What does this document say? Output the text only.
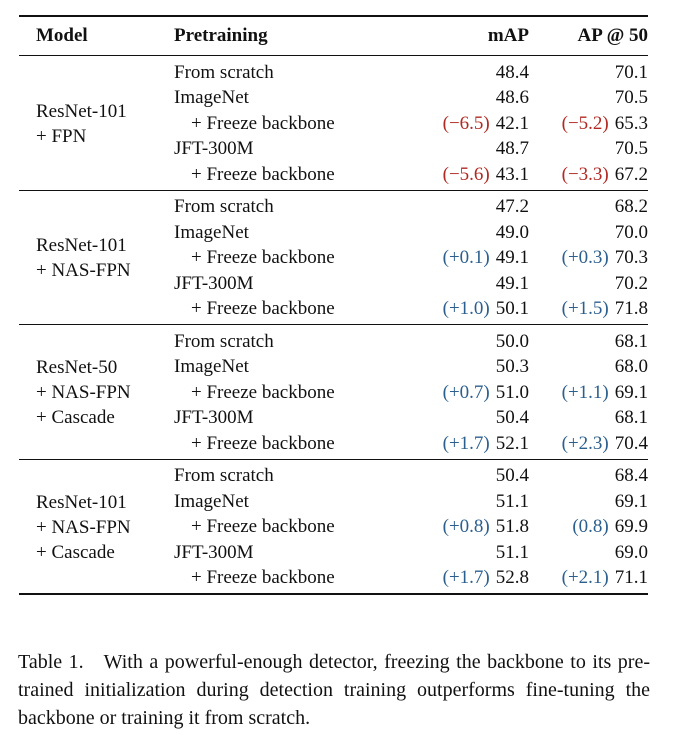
Model	Pretraining	mAP	AP @ 50
ResNet-101
+ FPN
From scratch	48.4	70.1
ImageNet	48.6	70.5
+ Freeze backbone	(−6.5) 42.1	(−5.2) 65.3
JFT-300M	48.7	70.5
+ Freeze backbone	(−5.6) 43.1	(−3.3) 67.2
ResNet-101
+ NAS-FPN
From scratch	47.2	68.2
ImageNet	49.0	70.0
+ Freeze backbone	(+0.1) 49.1	(+0.3) 70.3
JFT-300M	49.1	70.2
+ Freeze backbone	(+1.0) 50.1	(+1.5) 71.8
ResNet-50
+ NAS-FPN
+ Cascade
From scratch	50.0	68.1
ImageNet	50.3	68.0
+ Freeze backbone	(+0.7) 51.0	(+1.1) 69.1
JFT-300M	50.4	68.1
+ Freeze backbone	(+1.7) 52.1	(+2.3) 70.4
ResNet-101
+ NAS-FPN
+ Cascade
From scratch	50.4	68.4
ImageNet	51.1	69.1
+ Freeze backbone	(+0.8) 51.8	(0.8) 69.9
JFT-300M	51.1	69.0
+ Freeze backbone	(+1.7) 52.8	(+2.1) 71.1
Table 1. With a powerful-enough detector, freezing the backbone to its pre-trained initialization during detection training outperforms fine-tuning the backbone or training it from scratch.
